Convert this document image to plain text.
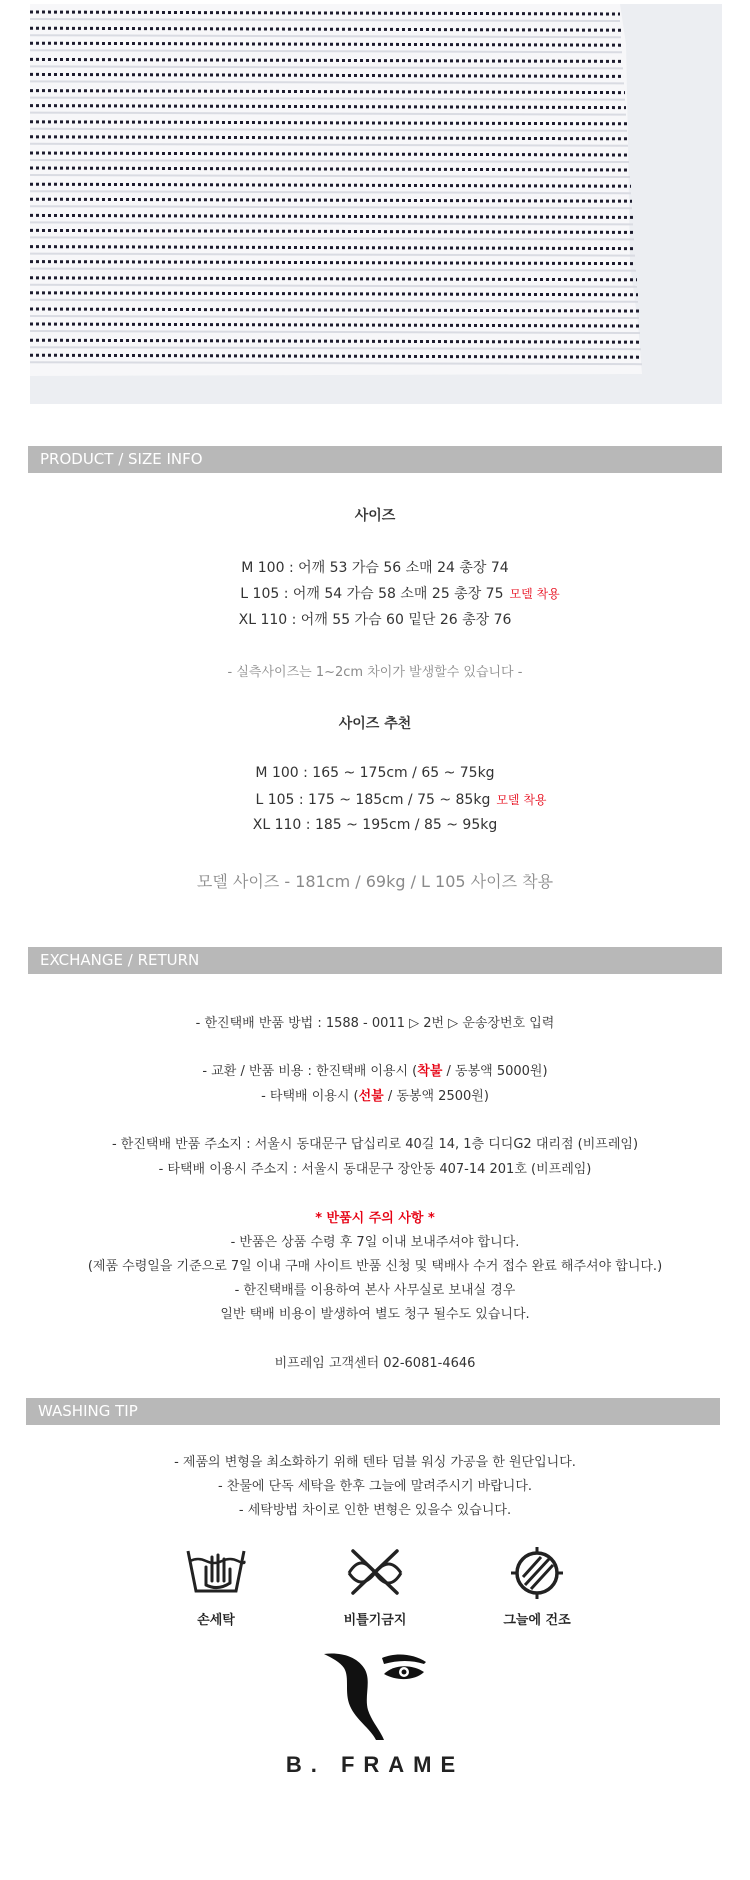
PRODUCT / SIZE INFO
사이즈
M 100 : 어깨 53 가슴 56 소매 24 총장 74
L 105 : 어깨 54 가슴 58 소매 25 총장 75 모델 착용
XL 110 : 어깨 55 가슴 60 밑단 26 총장 76
- 실측사이즈는 1~2cm 차이가 발생할수 있습니다 -
사이즈 추천
M 100 : 165 ~ 175cm / 65 ~ 75kg
L 105 : 175 ~ 185cm / 75 ~ 85kg 모델 착용
XL 110 : 185 ~ 195cm / 85 ~ 95kg
모델 사이즈 - 181cm / 69kg / L 105 사이즈 착용
EXCHANGE / RETURN
- 한진택배 반품 방법 : 1588 - 0011 ▷ 2번 ▷ 운송장번호 입력
- 교환 / 반품 비용 : 한진택배 이용시 (착불 / 동봉액 5000원)
- 타택배 이용시 (선불 / 동봉액 2500원)
- 한진택배 반품 주소지 : 서울시 동대문구 답십리로 40길 14, 1층 디디G2 대리점 (비프레임)
- 타택배 이용시 주소지 : 서울시 동대문구 장안동 407-14 201호 (비프레임)
* 반품시 주의 사항 *
- 반품은 상품 수령 후 7일 이내 보내주셔야 합니다.
(제품 수령일을 기준으로 7일 이내 구매 사이트 반품 신청 및 택배사 수거 접수 완료 해주셔야 합니다.)
- 한진택배를 이용하여 본사 사무실로 보내실 경우
일반 택배 비용이 발생하여 별도 청구 될수도 있습니다.
비프레임 고객센터 02-6081-4646
WASHING TIP
- 제품의 변형을 최소화하기 위해 텐타 덤블 워싱 가공을 한 원단입니다.
- 찬물에 단독 세탁을 한후 그늘에 말려주시기 바랍니다.
- 세탁방법 차이로 인한 변형은 있을수 있습니다.
손세탁	비틀기금지	그늘에 건조
B. FRAME
